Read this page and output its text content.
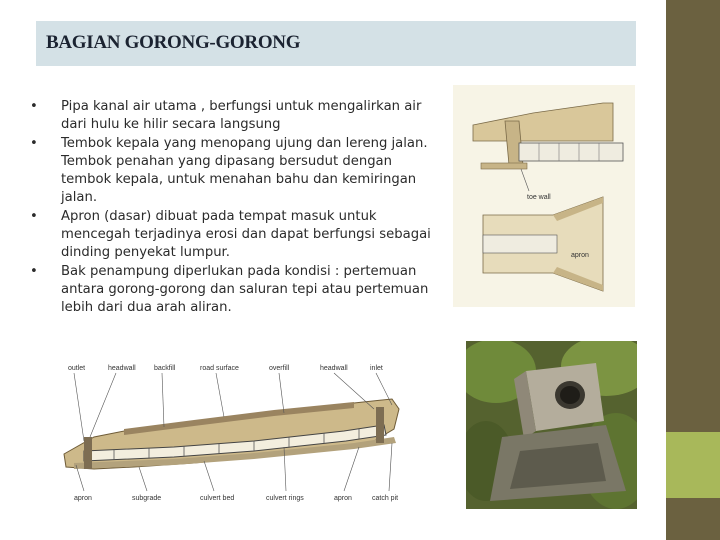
BAGIAN GORONG-GORONG
• Pipa kanal air utama , berfungsi untuk mengalirkan air dari hulu ke hilir secara langsung
• Tembok kepala yang menopang ujung dan lereng jalan. Tembok penahan yang dipasang bersudut dengan tembok kepala, untuk menahan bahu dan kemiringan jalan.
• Apron (dasar) dibuat pada tempat masuk untuk mencegah terjadinya erosi dan dapat berfungsi sebagai dinding penyekat lumpur.
• Bak penampung diperlukan pada kondisi : pertemuan antara gorong-gorong dan saluran tepi atau pertemuan lebih dari dua arah aliran.
outlet	headwall	backfill	road surface	overfill	headwall	inlet
apron	subgrade	culvert bed	culvert rings	apron	catch pit
toe wall
apron
